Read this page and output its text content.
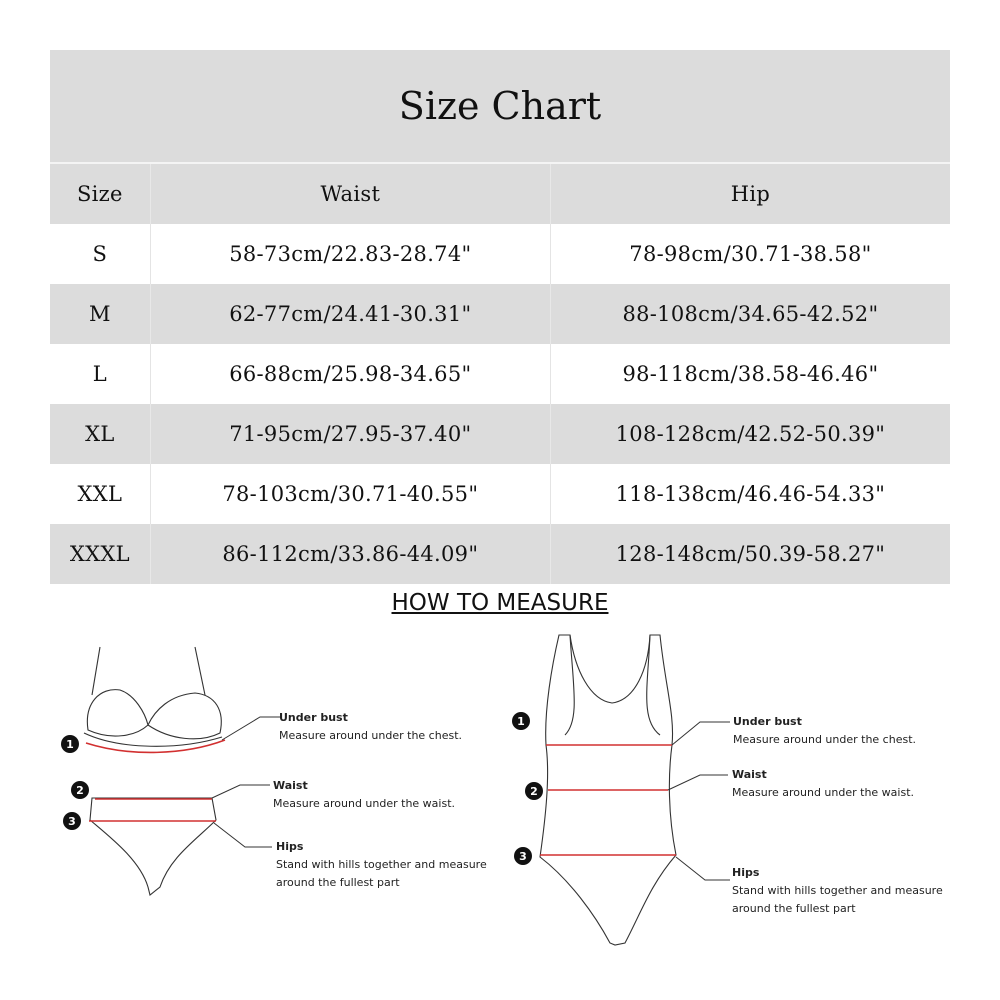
Size Chart
Size	Waist	Hip
S	58-73cm/22.83-28.74"	78-98cm/30.71-38.58"
M	62-77cm/24.41-30.31"	88-108cm/34.65-42.52"
L	66-88cm/25.98-34.65"	98-118cm/38.58-46.46"
XL	71-95cm/27.95-37.40"	108-128cm/42.52-50.39"
XXL	78-103cm/30.71-40.55"	118-138cm/46.46-54.33"
XXXL	86-112cm/33.86-44.09"	128-148cm/50.39-58.27"
HOW TO MEASURE
1
2
3
1
2
3
Under bust
Measure around under the chest.
Waist
Measure around under the waist.
Hips
Stand with hills together and measure
around the fullest part
Under bust
Measure around under the chest.
Waist
Measure around under the waist.
Hips
Stand with hills together and measure
around the fullest part
